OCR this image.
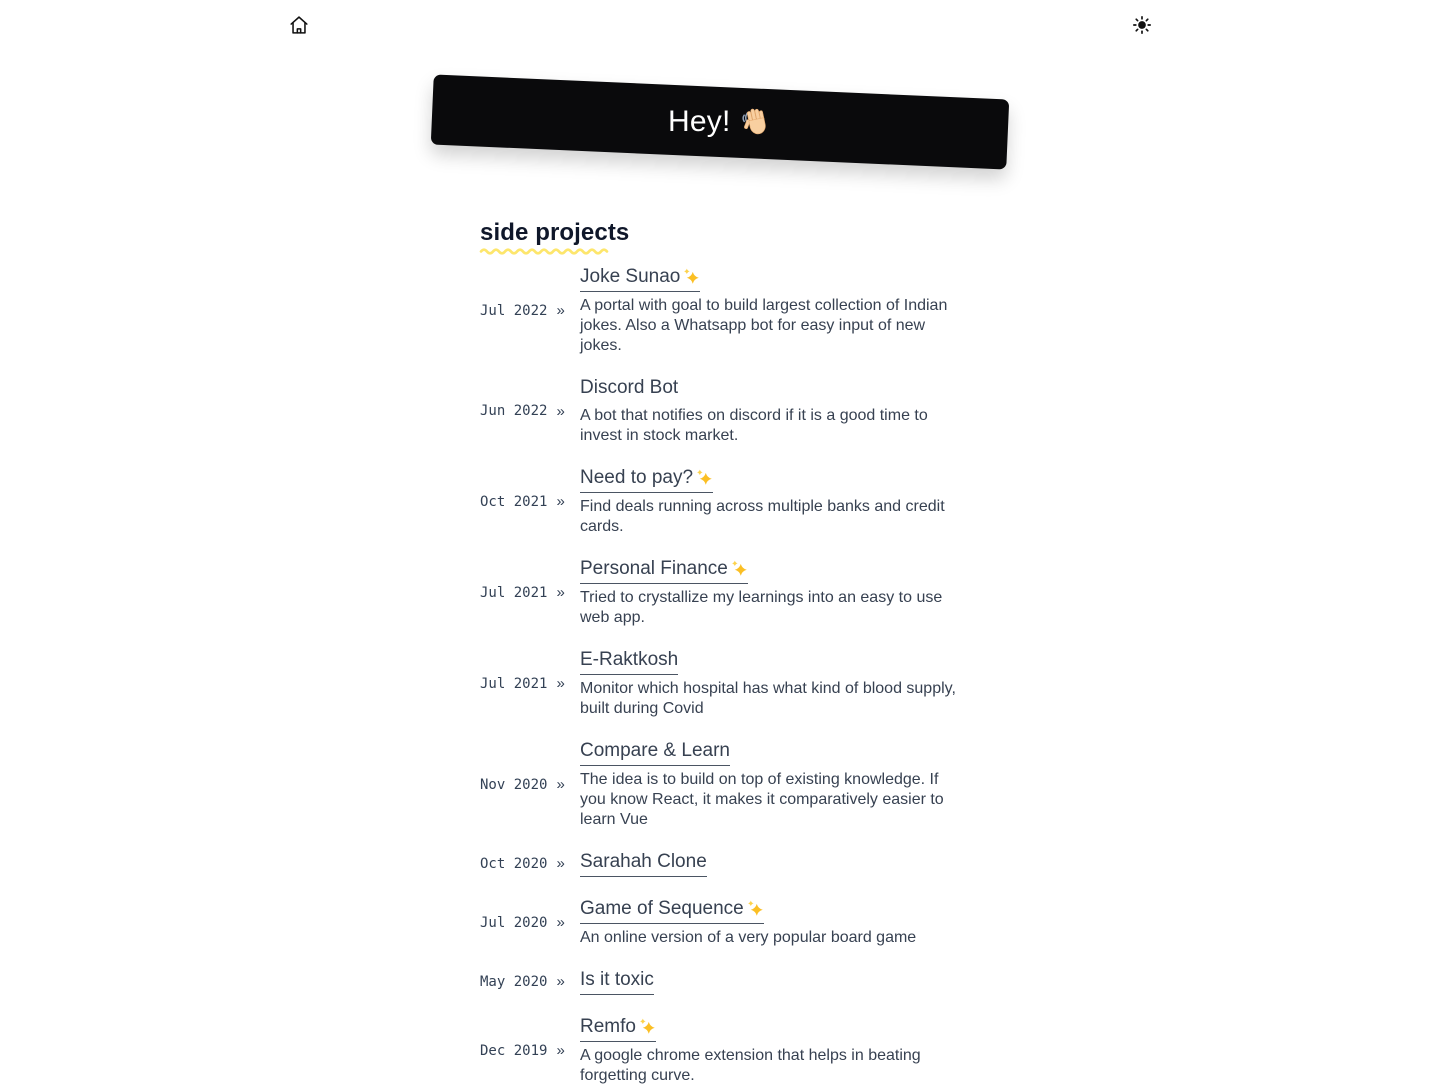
Hey!
side projects
Jul 2022 »
Joke Sunao

A portal with goal to build largest collection of Indian jokes. Also a Whatsapp bot for easy input of new jokes.

Jun 2022 »
Discord Bot

A bot that notifies on discord if it is a good time to invest in stock market.

Oct 2021 »
Need to pay?

Find deals running across multiple banks and credit cards.

Jul 2021 »
Personal Finance

Tried to crystallize my learnings into an easy to use web app.

Jul 2021 »
E-Raktkosh

Monitor which hospital has what kind of blood supply, built during Covid

Nov 2020 »
Compare & Learn

The idea is to build on top of existing knowledge. If you know React, it makes it comparatively easier to learn Vue

Oct 2020 » Sarahah Clone
Jul 2020 »
Game of Sequence

An online version of a very popular board game

May 2020 » Is it toxic
Dec 2019 »
Remfo

A google chrome extension that helps in beating forgetting curve.
